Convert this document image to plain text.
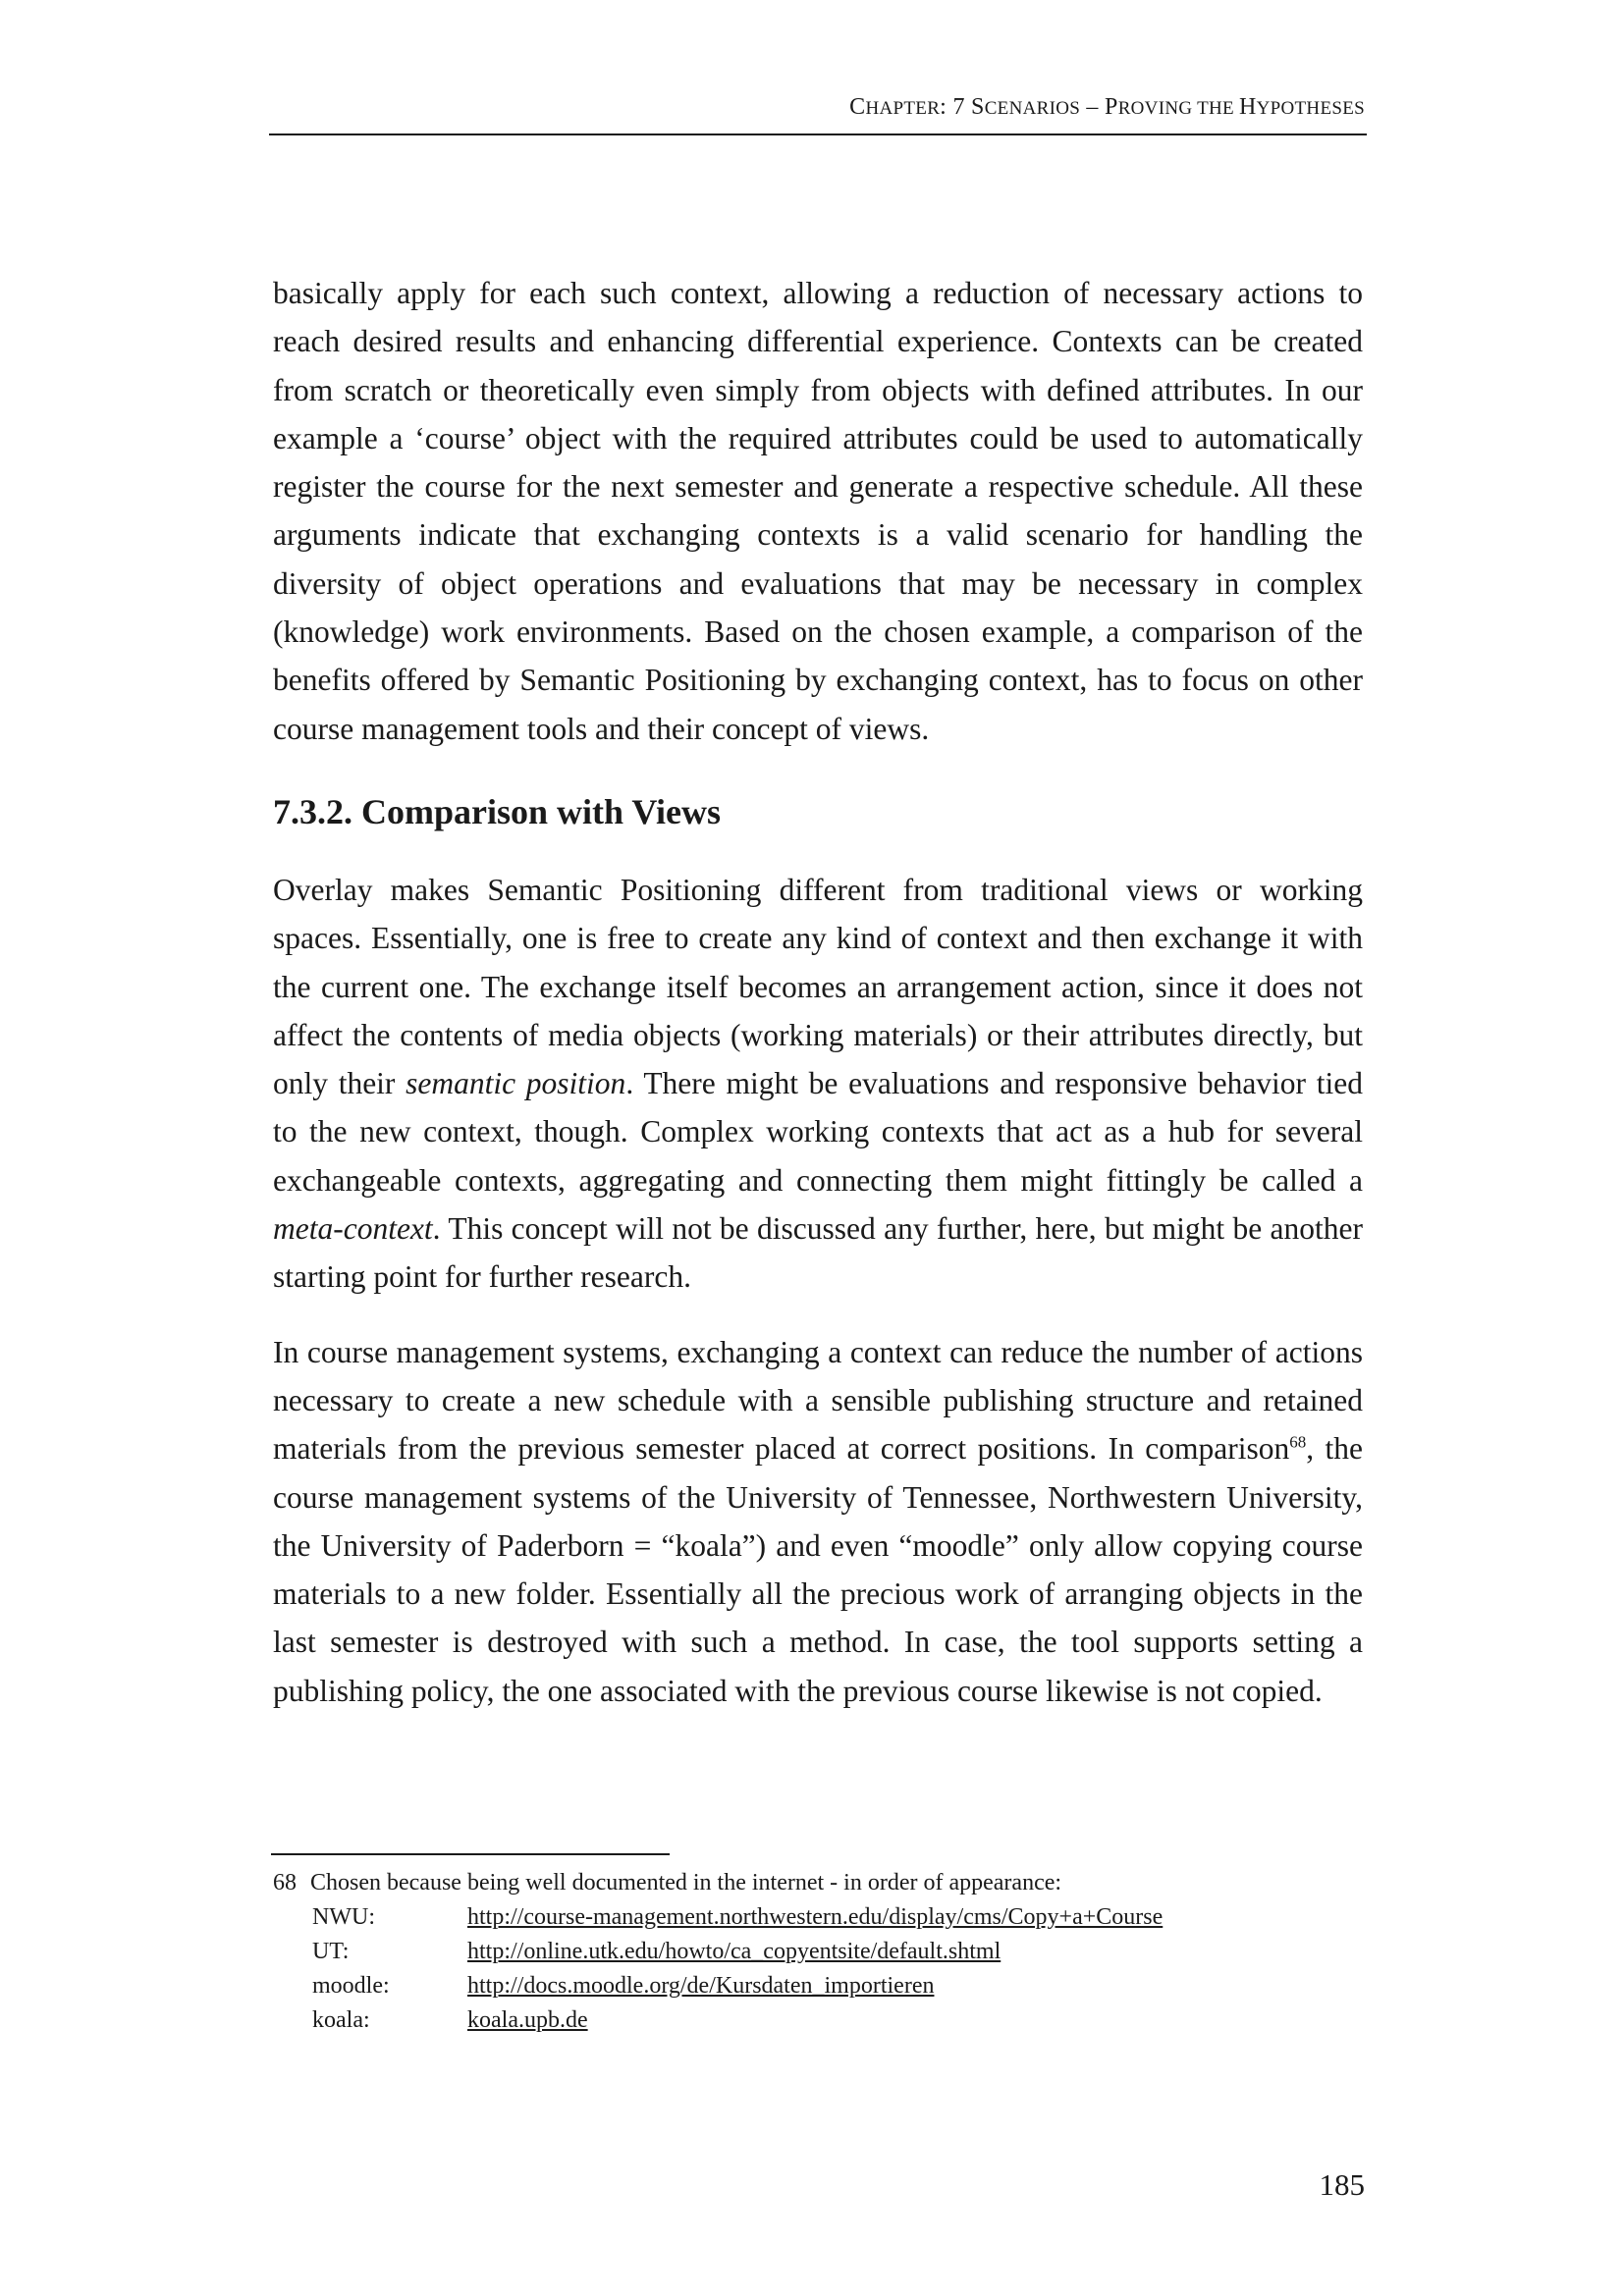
CHAPTER: 7 SCENARIOS – PROVING THE HYPOTHESES

basically apply for each such context, allowing a reduction of necessary actions to reach desired results and enhancing differential experience. Contexts can be created from scratch or theoretically even simply from objects with defined attributes. In our example a ‘course’ object with the required attributes could be used to automatically register the course for the next semester and generate a respective schedule. All these arguments indicate that exchanging contexts is a valid scenario for handling the diversity of object operations and evaluations that may be necessary in complex (knowledge) work environments. Based on the chosen example, a comparison of the benefits offered by Semantic Positioning by exchanging context, has to focus on other course management tools and their concept of views.

7.3.2. Comparison with Views

Overlay makes Semantic Positioning different from traditional views or working spaces. Essentially, one is free to create any kind of context and then exchange it with the current one. The exchange itself becomes an arrangement action, since it does not affect the contents of media objects (working materials) or their attributes directly, but only their semantic position. There might be evaluations and responsive behavior tied to the new context, though. Complex working contexts that act as a hub for several exchangeable contexts, aggregating and connecting them might fittingly be called a meta-context. This concept will not be discussed any further, here, but might be another starting point for further research.

In course management systems, exchanging a context can reduce the number of actions necessary to create a new schedule with a sensible publishing structure and retained materials from the previous semester placed at correct positions. In comparison$^{68}$, the course management systems of the University of Tennessee, Northwestern University, the University of Paderborn = “koala”) and even “moodle” only allow copying course materials to a new folder. Essentially all the precious work of arranging objects in the last semester is destroyed with such a method. In case, the tool supports setting a publishing policy, the one associated with the previous course likewise is not copied.

68 Chosen because being well documented in the internet - in order of appearance:
NWU:	http://course-management.northwestern.edu/display/cms/Copy+a+Course
UT:	http://online.utk.edu/howto/ca_copyentsite/default.shtml
moodle:	http://docs.moodle.org/de/Kursdaten_importieren
koala:	koala.upb.de
185
